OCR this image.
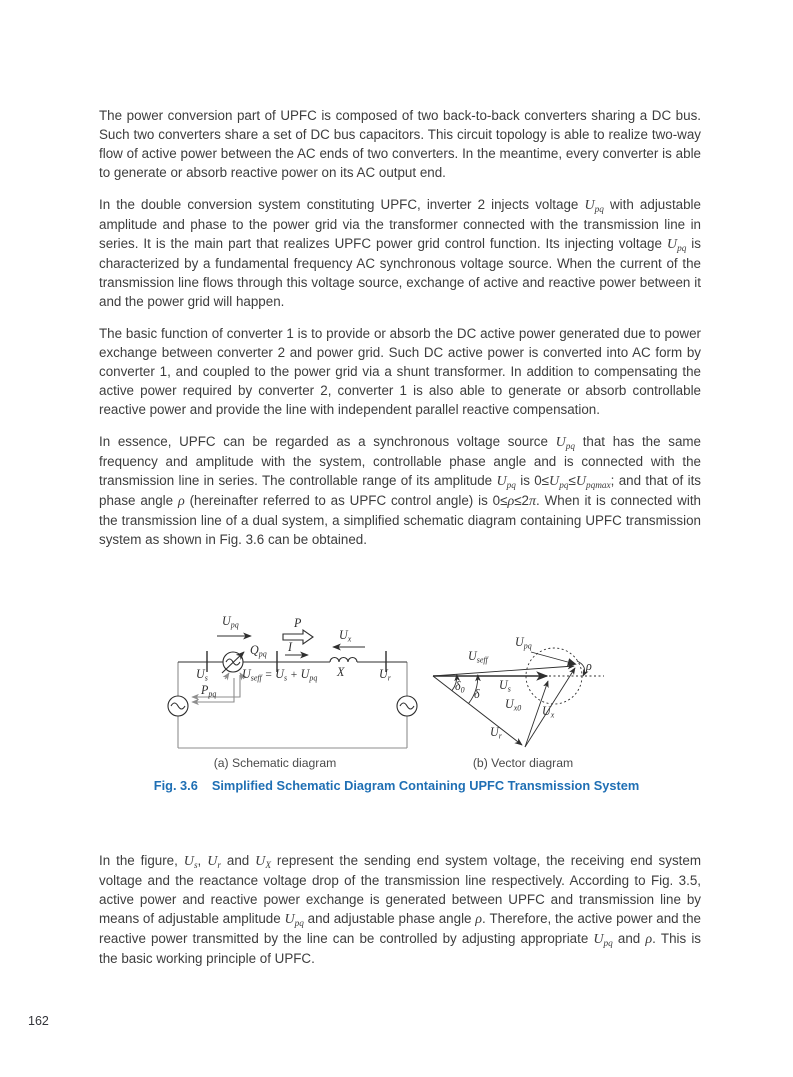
The power conversion part of UPFC is composed of two back-to-back converters sharing a DC bus. Such two converters share a set of DC bus capacitors. This circuit topology is able to realize two-way flow of active power between the AC ends of two converters. In the meantime, every converter is able to generate or absorb reactive power on its AC output end.

In the double conversion system constituting UPFC, inverter 2 injects voltage $U_{pq}$ with adjustable amplitude and phase to the power grid via the transformer connected with the transmission line in series. It is the main part that realizes UPFC power grid control function. Its injecting voltage $U_{pq}$ is characterized by a fundamental frequency AC synchronous voltage source. When the current of the transmission line flows through this voltage source, exchange of active and reactive power between it and the power grid will happen.

The basic function of converter 1 is to provide or absorb the DC active power generated due to power exchange between converter 2 and power grid. Such DC active power is converted into AC form by converter 1, and coupled to the power grid via a shunt transformer. In addition to compensating the active power required by converter 2, converter 1 is also able to generate or absorb controllable reactive power and provide the line with independent parallel reactive compensation.

In essence, UPFC can be regarded as a synchronous voltage source $U_{pq}$ that has the same frequency and amplitude with the system, controllable phase angle and is connected with the transmission line in series. The controllable range of its amplitude $U_{pq}$ is $0\le U_{pq}\le U_{pqmax}$; and that of its phase angle ρ (hereinafter referred to as UPFC control angle) is 0≤ρ≤2π. When it is connected with the transmission line of a dual system, a simplified schematic diagram containing UPFC transmission system as shown in Fig. 3.6 can be obtained.

$U_{pq}$	P
$U_x$
$Q_{pq}$ I
$U_s$	$U_{seff} = U_s + U_{pq}$ X	$U_r$
$P_{pq}$
$U_{pq}$
$U_{seff}$
$U_s$
ρ
$\delta_0$ δ
$U_{x0}$ $U_x$
$U_r$
(a) Schematic diagram	(b) Vector diagram
Fig. 3.6 Simplified Schematic Diagram Containing UPFC Transmission System

In the figure, $U_s$, $U_r$ and $U_X$ represent the sending end system voltage, the receiving end system voltage and the reactance voltage drop of the transmission line respectively. According to Fig. 3.5, active power and reactive power exchange is generated between UPFC and transmission line by means of adjustable amplitude $U_{pq}$ and adjustable phase angle ρ. Therefore, the active power and the reactive power transmitted by the line can be controlled by adjusting appropriate $U_{pq}$ and ρ. This is the basic working principle of UPFC.

162
